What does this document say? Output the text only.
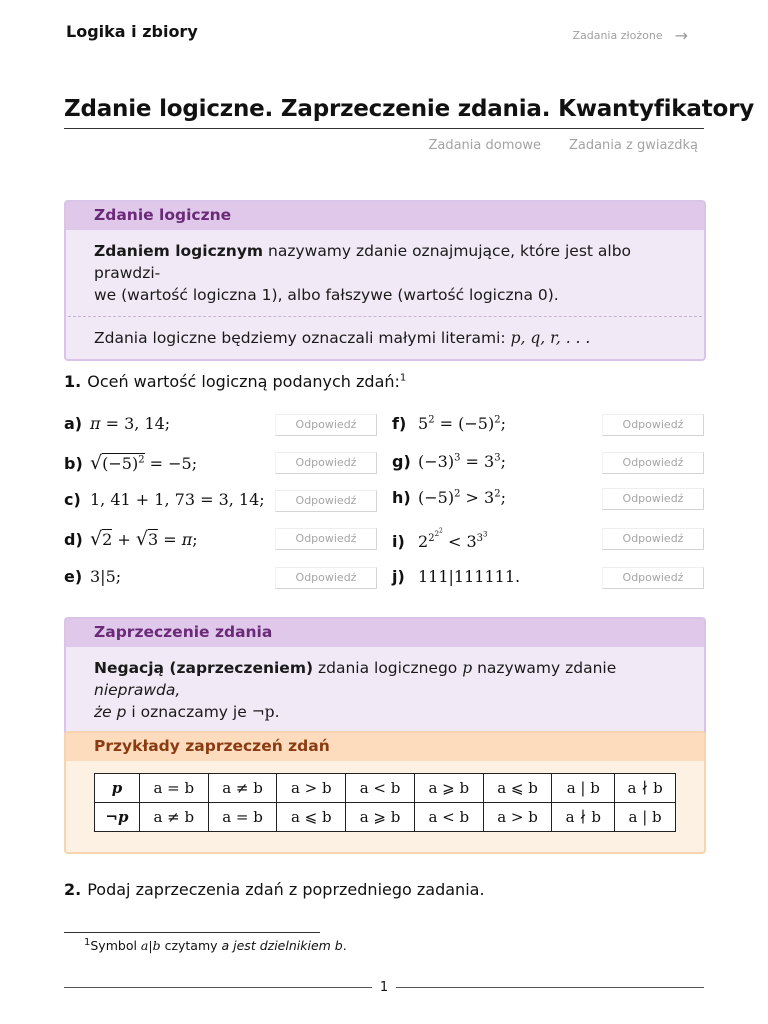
Logika i zbiory	Zadania złożone →
Zdanie logiczne. Zaprzeczenie zdania. Kwantyfikatory
Zadania domowe Zadania z gwiazdką
Zdanie logiczne
Zdaniem logicznym nazywamy zdanie oznajmujące, które jest albo prawdzi-
we (wartość logiczna 1), albo fałszywe (wartość logiczna 0).
Zdania logiczne będziemy oznaczali małymi literami: p, q, r, . . .
1. Oceń wartość logiczną podanych zdań:$^1$
a) π = 3, 14;
b) $√(-5)^2 = -5$;
c) 1, 41 + 1, 73 = 3, 14;
d) √2 + √3 = π;
e) 3|5;
Odpowiedź
Odpowiedź
Odpowiedź
Odpowiedź
Odpowiedź
f) $5^2 = (-5)^2$;
g) $(-3)^3 = 3^3$;
h) $(-5)^2 > 3^2$;
i) $2^{2^{2^2}} < 3^{3^3}$
j) 111|111111.
Odpowiedź
Odpowiedź
Odpowiedź
Odpowiedź
Odpowiedź
Zaprzeczenie zdania
Negacją (zaprzeczeniem) zdania logicznego p nazywamy zdanie nieprawda,
że p i oznaczamy je ¬p.
Przykłady zaprzeczeń zdań
p	a = b	a ≠ b	a > b	a < b	a ⩾ b	a ⩽ b	a | b	a ∤ b
¬p	a ≠ b	a = b	a ⩽ b	a ⩾ b	a < b	a > b	a ∤ b	a | b
2. Podaj zaprzeczenia zdań z poprzedniego zadania.
$^1$Symbol a|b czytamy a jest dzielnikiem b.
1
